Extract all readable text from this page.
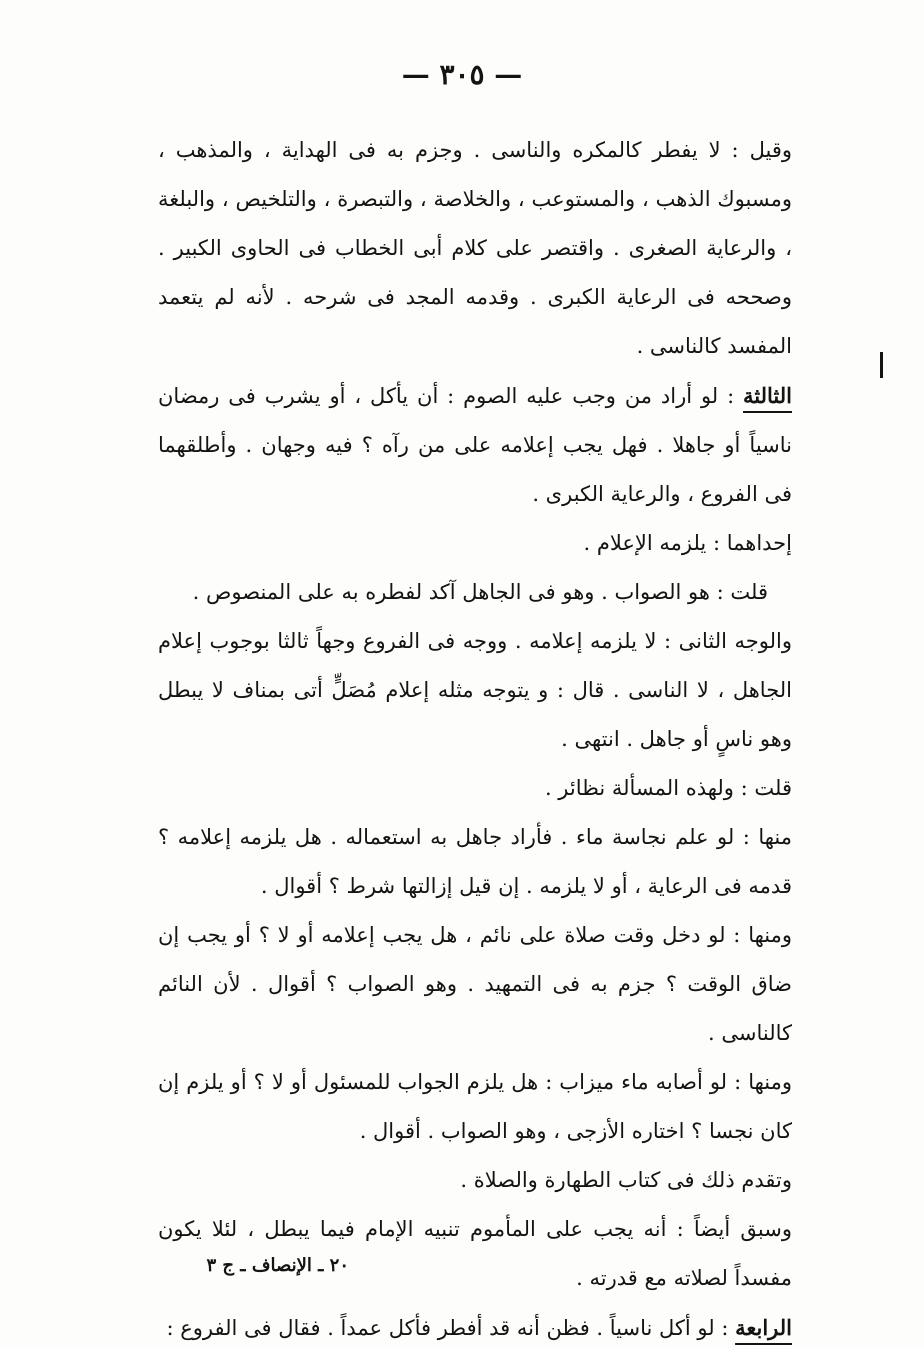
— ٣٠٥ —

وقيل : لا يفطر كالمكره والناسى . وجزم به فى الهداية ، والمذهب ، ومسبوك الذهب ، والمستوعب ، والخلاصة ، والتبصرة ، والتلخيص ، والبلغة ، والرعاية الصغرى . واقتصر على كلام أبى الخطاب فى الحاوى الكبير . وصححه فى الرعاية الكبرى . وقدمه المجد فى شرحه . لأنه لم يتعمد المفسد كالناسى .

الثالثة : لو أراد من وجب عليه الصوم : أن يأكل ، أو يشرب فى رمضان ناسياً أو جاهلا . فهل يجب إعلامه على من رآه ؟ فيه وجهان . وأطلقهما فى الفروع ، والرعاية الكبرى .

إحداهما : يلزمه الإعلام .

قلت : هو الصواب . وهو فى الجاهل آكد لفطره به على المنصوص .

والوجه الثانى : لا يلزمه إعلامه . ووجه فى الفروع وجهاً ثالثا بوجوب إعلام الجاهل ، لا الناسى . قال : و يتوجه مثله إعلام مُصَلٍّ أتى بمناف لا يبطل وهو ناسٍ أو جاهل . انتهى .

قلت : ولهذه المسألة نظائر .

منها : لو علم نجاسة ماء . فأراد جاهل به استعماله . هل يلزمه إعلامه ؟ قدمه فى الرعاية ، أو لا يلزمه . إن قيل إزالتها شرط ؟ أقوال .

ومنها : لو دخل وقت صلاة على نائم ، هل يجب إعلامه أو لا ؟ أو يجب إن ضاق الوقت ؟ جزم به فى التمهيد . وهو الصواب ؟ أقوال . لأن النائم كالناسى .

ومنها : لو أصابه ماء ميزاب : هل يلزم الجواب للمسئول أو لا ؟ أو يلزم إن كان نجسا ؟ اختاره الأزجى ، وهو الصواب . أقوال .

وتقدم ذلك فى كتاب الطهارة والصلاة .

وسبق أيضاً : أنه يجب على المأموم تنبيه الإمام فيما يبطل ، لئلا يكون مفسداً لصلاته مع قدرته .

الرابعة : لو أكل ناسياً . فظن أنه قد أفطر فأكل عمداً . فقال فى الفروع :

٢٠ ـ الإنصاف ـ ج ٣
